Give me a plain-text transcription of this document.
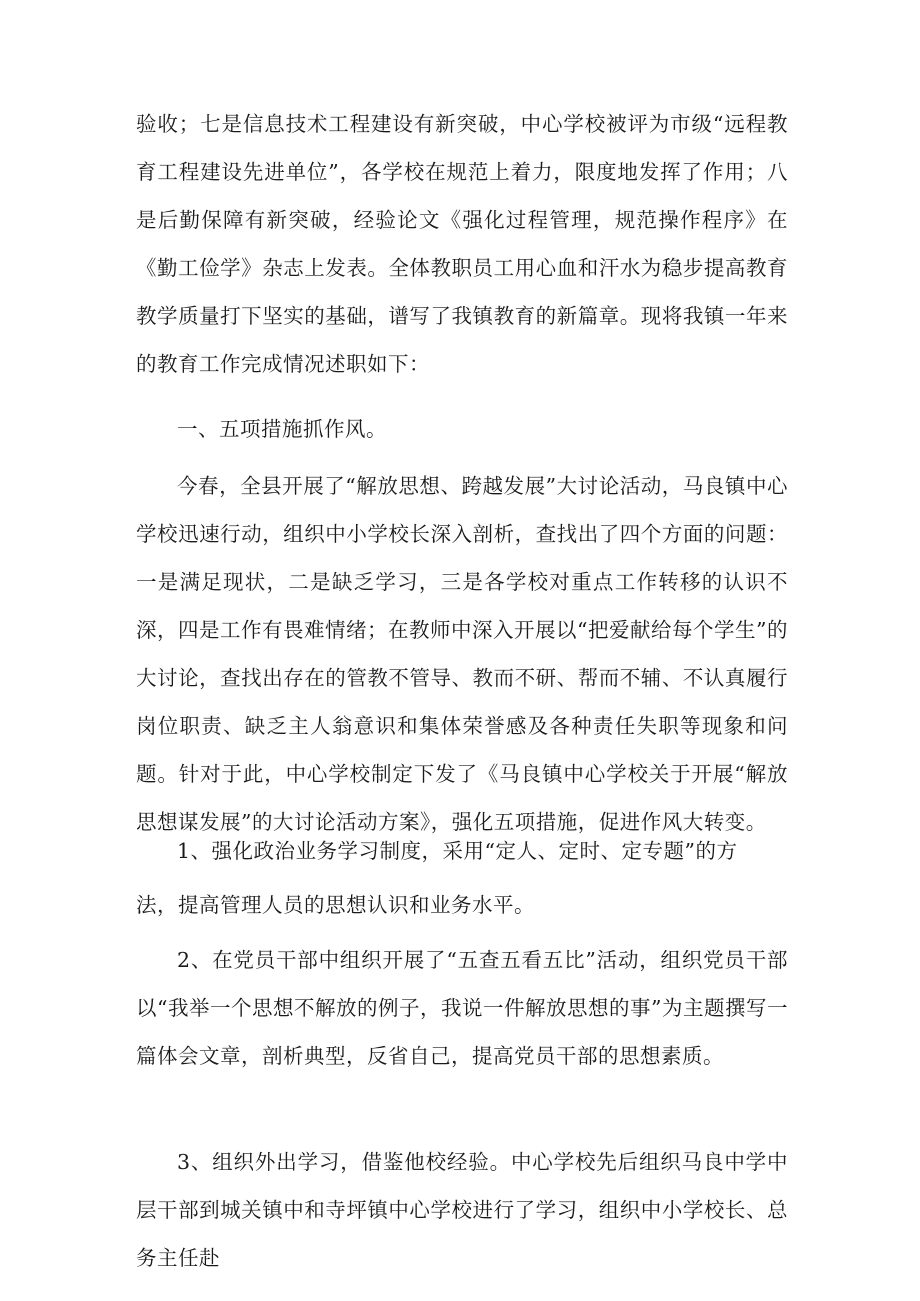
验收；七是信息技术工程建设有新突破，中心学校被评为市级“远程教育工程建设先进单位”，各学校在规范上着力，限度地发挥了作用；八是后勤保障有新突破，经验论文《强化过程管理，规范操作程序》在《勤工俭学》杂志上发表。全体教职员工用心血和汗水为稳步提高教育教学质量打下坚实的基础，谱写了我镇教育的新篇章。现将我镇一年来的教育工作完成情况述职如下：

一、五项措施抓作风。

今春，全县开展了“解放思想、跨越发展”大讨论活动，马良镇中心学校迅速行动，组织中小学校长深入剖析，查找出了四个方面的问题：一是满足现状，二是缺乏学习，三是各学校对重点工作转移的认识不深，四是工作有畏难情绪；在教师中深入开展以“把爱献给每个学生”的大讨论，查找出存在的管教不管导、教而不研、帮而不辅、不认真履行岗位职责、缺乏主人翁意识和集体荣誉感及各种责任失职等现象和问题。针对于此，中心学校制定下发了《马良镇中心学校关于开展“解放思想谋发展”的大讨论活动方案》，强化五项措施，促进作风大转变。

1、强化政治业务学习制度，采用“定人、定时、定专题”的方

法，提高管理人员的思想认识和业务水平。

2、在党员干部中组织开展了“五查五看五比”活动，组织党员干部以“我举一个思想不解放的例子，我说一件解放思想的事”为主题撰写一篇体会文章，剖析典型，反省自己，提高党员干部的思想素质。

3、组织外出学习，借鉴他校经验。中心学校先后组织马良中学中层干部到城关镇中和寺坪镇中心学校进行了学习，组织中小学校长、总务主任赴
